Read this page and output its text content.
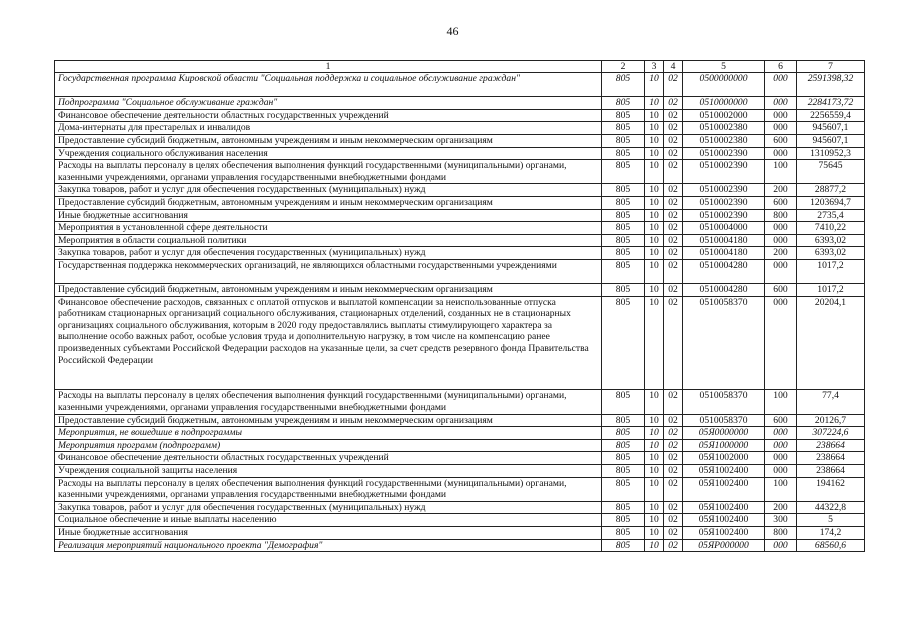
46
1	2	3	4	5	6	7
Государственная программа Кировской области "Социальная поддержка и социальное обслуживание граждан"	805	10	02	0500000000	000	2591398,32
Подпрограмма "Социальное обслуживание граждан"	805	10	02	0510000000	000	2284173,72
Финансовое обеспечение деятельности областных государственных учреждений	805	10	02	0510002000	000	2256559,4
Дома-интернаты для престарелых и инвалидов	805	10	02	0510002380	000	945607,1
Предоставление субсидий бюджетным, автономным учреждениям и иным некоммерческим организациям	805	10	02	0510002380	600	945607,1
Учреждения социального обслуживания населения	805	10	02	0510002390	000	1310952,3
Расходы на выплаты персоналу в целях обеспечения выполнения функций государственными (муниципальными) органами, казенными учреждениями, органами управления государственными внебюджетными фондами	805	10	02	0510002390	100	75645
Закупка товаров, работ и услуг для обеспечения государственных (муниципальных) нужд	805	10	02	0510002390	200	28877,2
Предоставление субсидий бюджетным, автономным учреждениям и иным некоммерческим организациям	805	10	02	0510002390	600	1203694,7
Иные бюджетные ассигнования	805	10	02	0510002390	800	2735,4
Мероприятия в установленной сфере деятельности	805	10	02	0510004000	000	7410,22
Мероприятия в области социальной политики	805	10	02	0510004180	000	6393,02
Закупка товаров, работ и услуг для обеспечения государственных (муниципальных) нужд	805	10	02	0510004180	200	6393,02
Государственная поддержка некоммерческих организаций, не являющихся областными государственными учреждениями	805	10	02	0510004280	000	1017,2
Предоставление субсидий бюджетным, автономным учреждениям и иным некоммерческим организациям	805	10	02	0510004280	600	1017,2
Финансовое обеспечение расходов, связанных с оплатой отпусков и выплатой компенсации за неиспользованные отпуска работникам стационарных организаций социального обслуживания, стационарных отделений, созданных не в стационарных организациях социального обслуживания, которым в 2020 году предоставлялись выплаты стимулирующего характера за выполнение особо важных работ, особые условия труда и дополнительную нагрузку, в том числе на компенсацию ранее произведенных субъектами Российской Федерации расходов на указанные цели, за счет средств резервного фонда Правительства Российской Федерации	805	10	02	0510058370	000	20204,1
Расходы на выплаты персоналу в целях обеспечения выполнения функций государственными (муниципальными) органами, казенными учреждениями, органами управления государственными внебюджетными фондами	805	10	02	0510058370	100	77,4
Предоставление субсидий бюджетным, автономным учреждениям и иным некоммерческим организациям	805	10	02	0510058370	600	20126,7
Мероприятия, не вошедшие в подпрограммы	805	10	02	05Я0000000	000	307224,6
Мероприятия программ (подпрограмм)	805	10	02	05Я1000000	000	238664
Финансовое обеспечение деятельности областных государственных учреждений	805	10	02	05Я1002000	000	238664
Учреждения социальной защиты населения	805	10	02	05Я1002400	000	238664
Расходы на выплаты персоналу в целях обеспечения выполнения функций государственными (муниципальными) органами, казенными учреждениями, органами управления государственными внебюджетными фондами	805	10	02	05Я1002400	100	194162
Закупка товаров, работ и услуг для обеспечения государственных (муниципальных) нужд	805	10	02	05Я1002400	200	44322,8
Социальное обеспечение и иные выплаты населению	805	10	02	05Я1002400	300	5
Иные бюджетные ассигнования	805	10	02	05Я1002400	800	174,2
Реализация мероприятий национального проекта "Демография"	805	10	02	05ЯР000000	000	68560,6
